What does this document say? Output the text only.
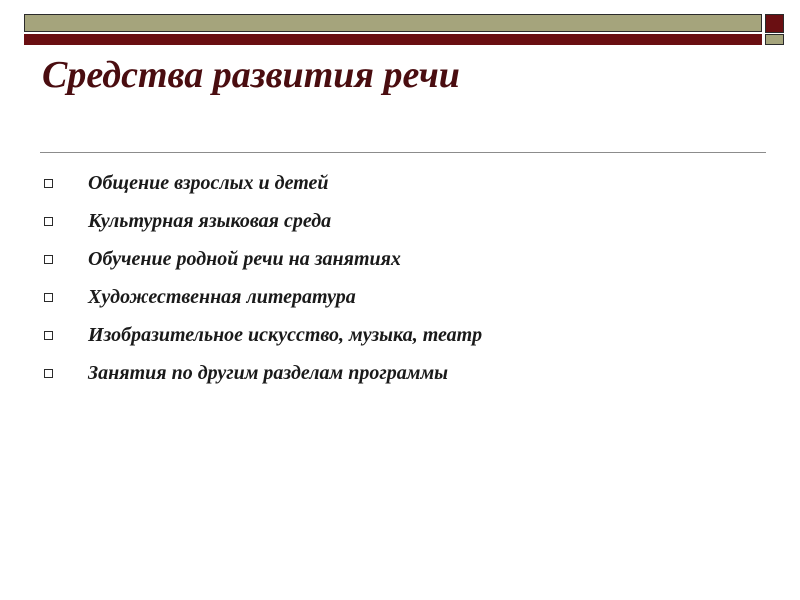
Средства развития речи
Общение взрослых и детей
Культурная языковая среда
Обучение родной речи на занятиях
Художественная литература
Изобразительное искусство, музыка, театр
Занятия по другим разделам программы
